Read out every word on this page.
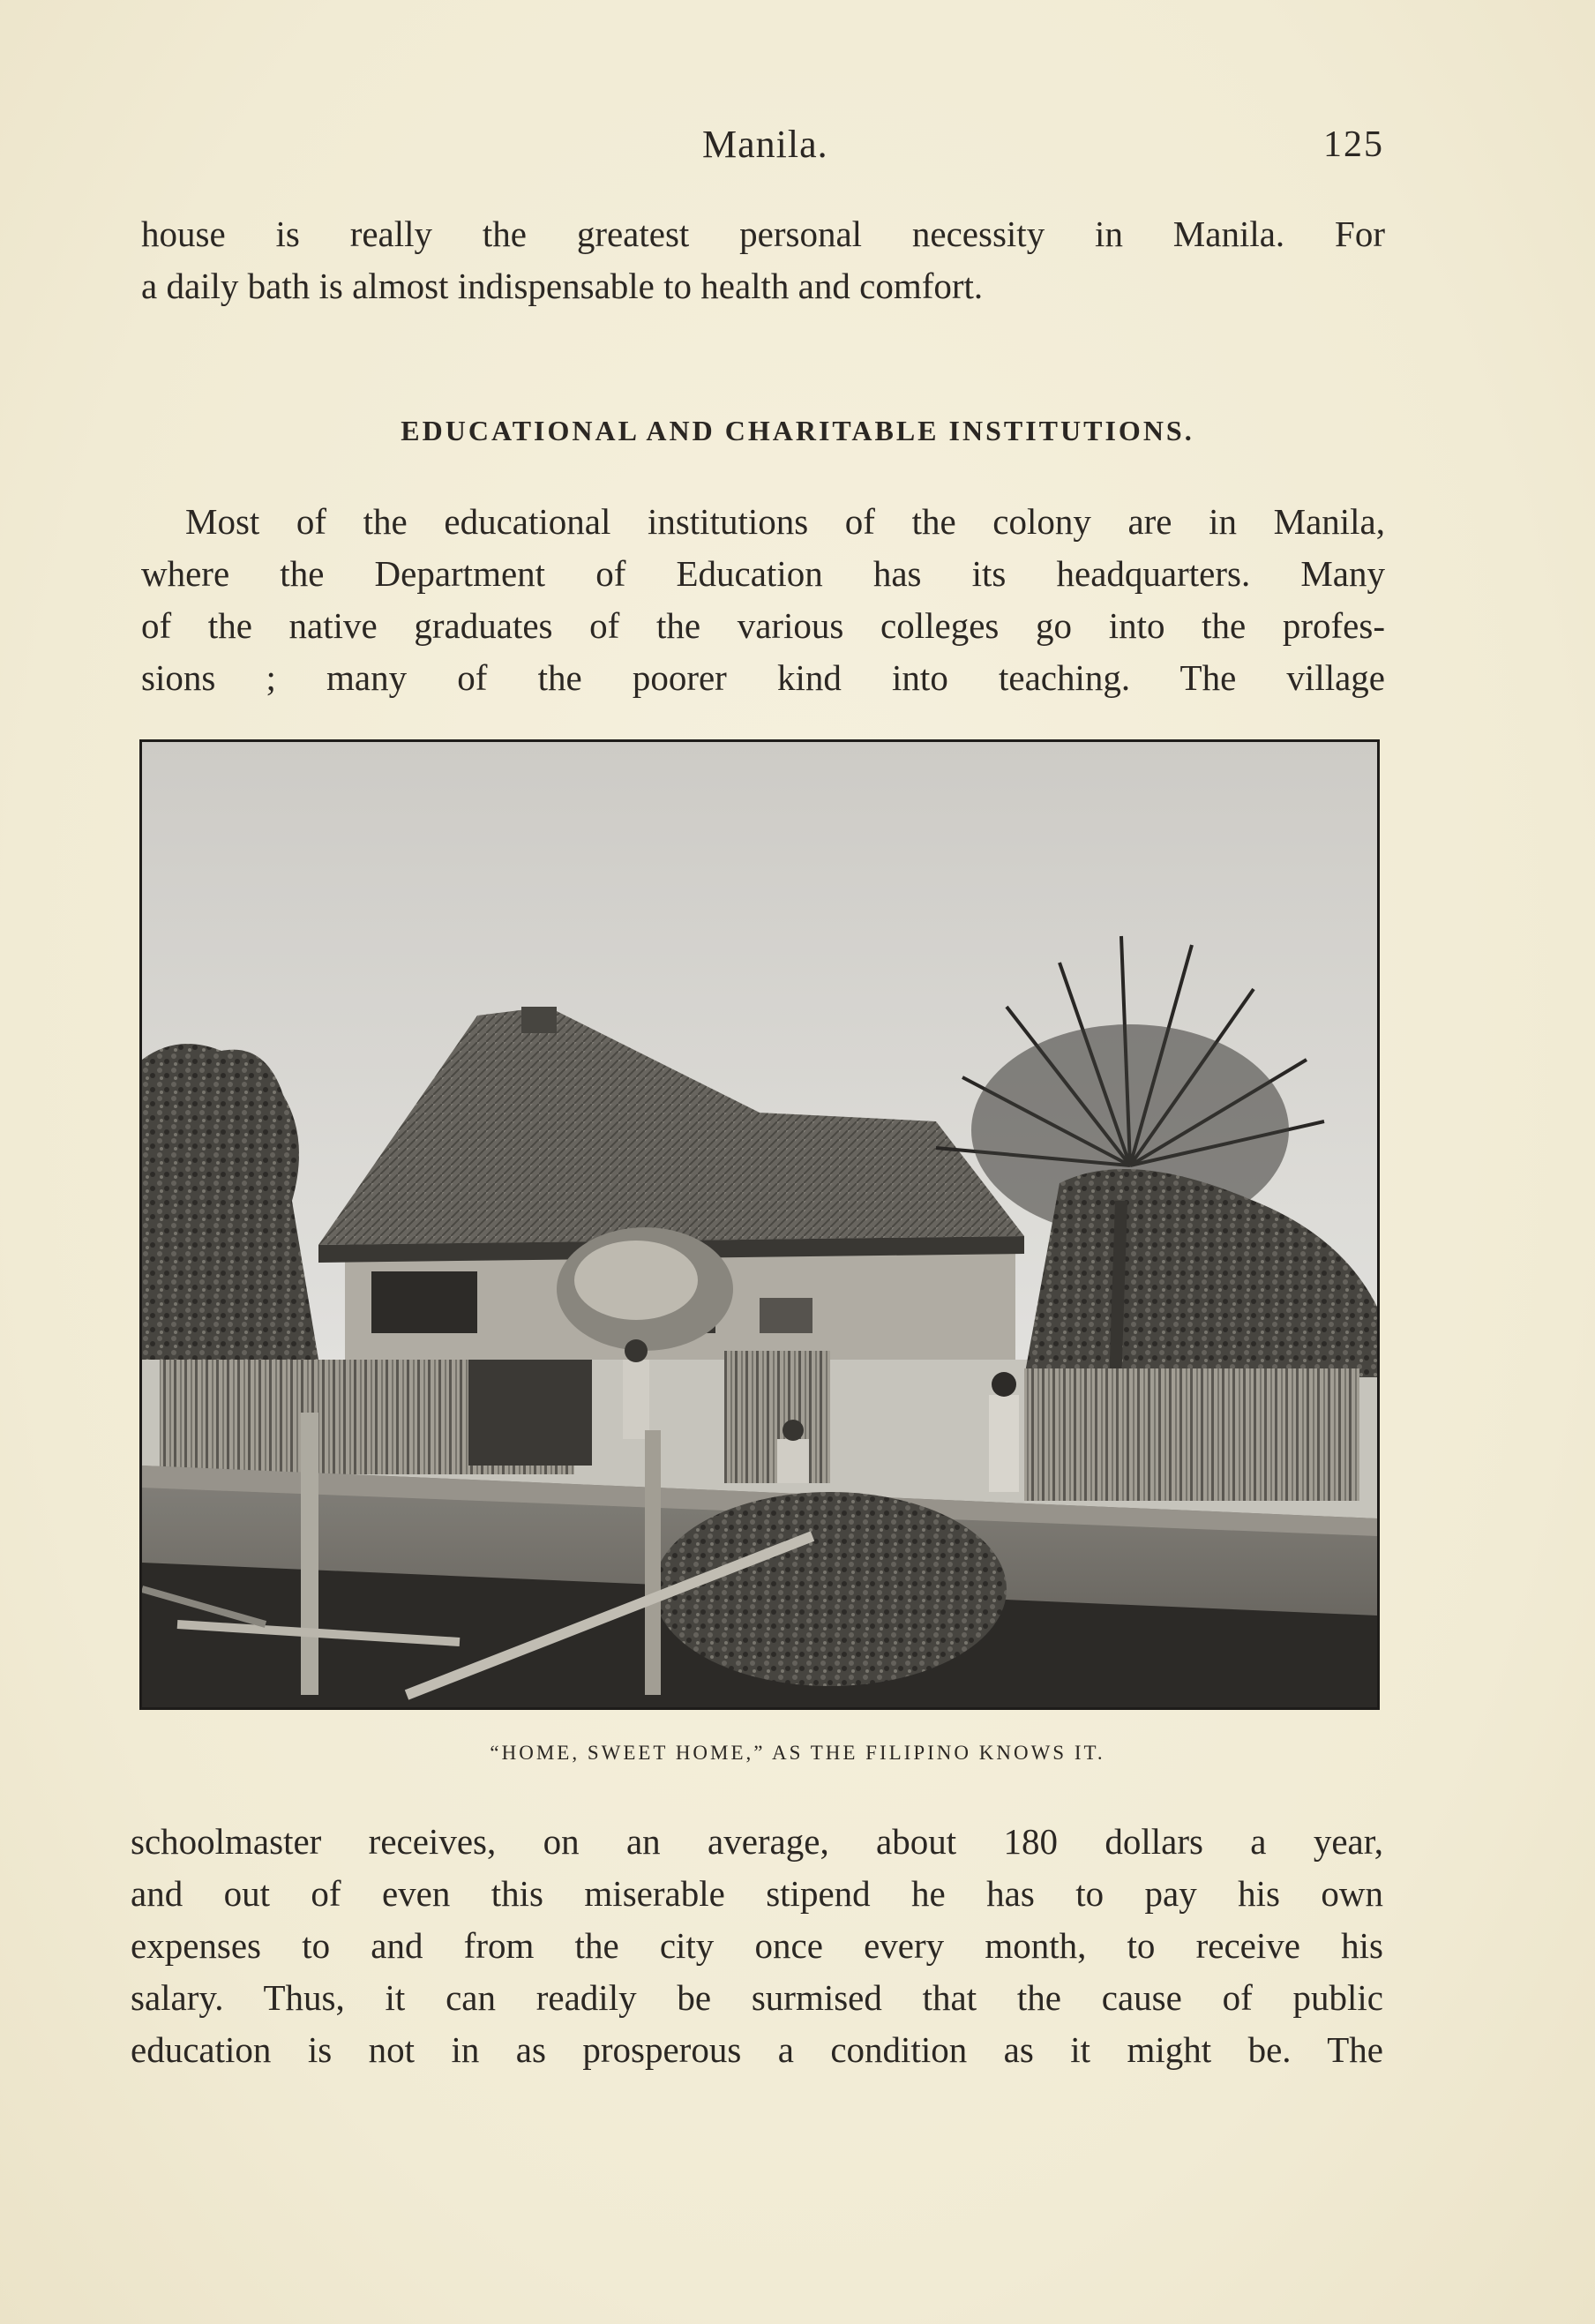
Manila.	125

house is really the greatest personal necessity in Manila. For
a daily bath is almost indispensable to health and comfort.

EDUCATIONAL AND CHARITABLE INSTITUTIONS.

Most of the educational institutions of the colony are in Manila,
where the Department of Education has its headquarters. Many
of the native graduates of the various colleges go into the profes-
sions ; many of the poorer kind into teaching. The village

“HOME, SWEET HOME,” AS THE FILIPINO KNOWS IT.

schoolmaster receives, on an average, about 180 dollars a year,
and out of even this miserable stipend he has to pay his own
expenses to and from the city once every month, to receive his
salary. Thus, it can readily be surmised that the cause of public
education is not in as prosperous a condition as it might be. The
